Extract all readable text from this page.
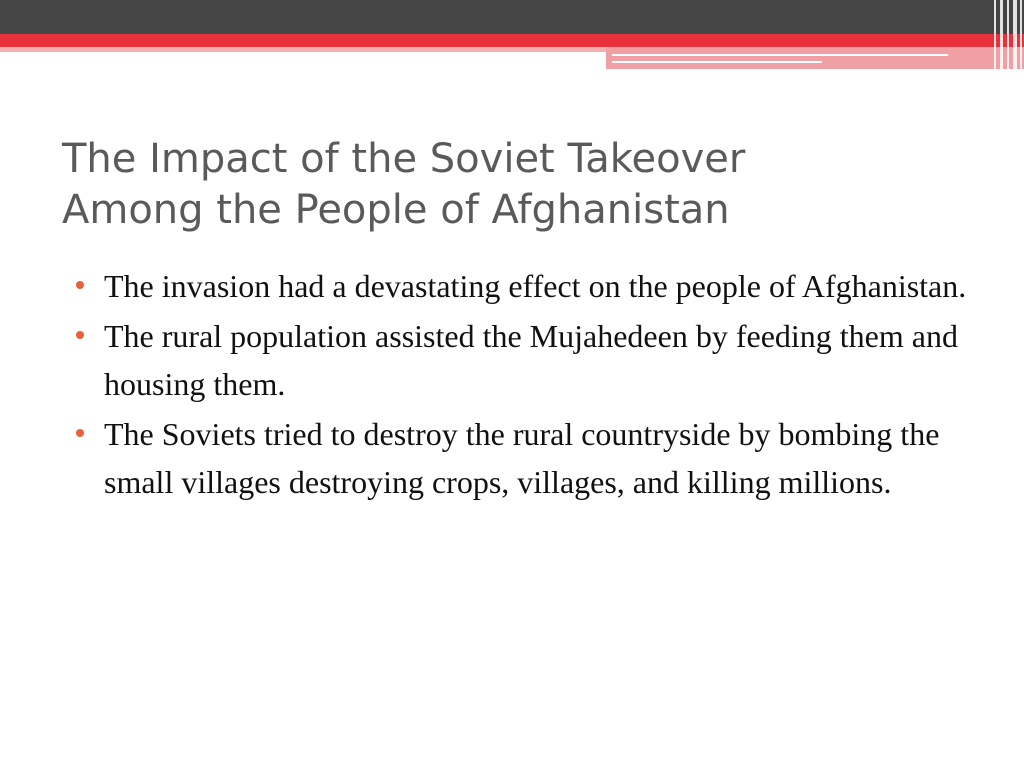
The Impact of the Soviet Takeover
Among the People of Afghanistan
The invasion had a devastating effect on the people of Afghanistan.
The rural population assisted the Mujahedeen by feeding them and housing them.
The Soviets tried to destroy the rural countryside by bombing the small villages destroying crops, villages, and killing millions.
